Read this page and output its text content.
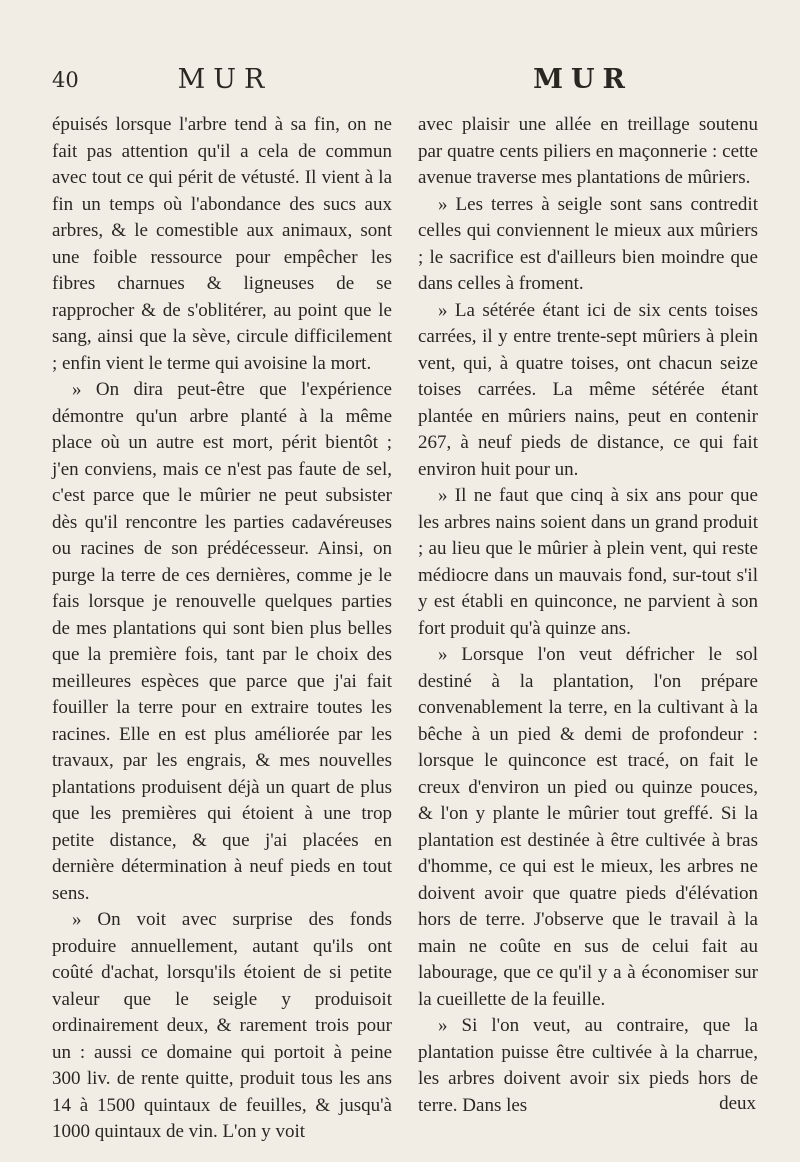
40	MUR	MUR

épuisés lorsque l'arbre tend à sa fin, on ne fait pas attention qu'il a cela de commun avec tout ce qui périt de vétusté. Il vient à la fin un temps où l'abondance des sucs aux arbres, & le comestible aux animaux, sont une foible ressource pour empêcher les fibres charnues & ligneuses de se rapprocher & de s'oblitérer, au point que le sang, ainsi que la sève, circule difficilement ; enfin vient le terme qui avoisine la mort.

» On dira peut-être que l'expérience démontre qu'un arbre planté à la même place où un autre est mort, périt bientôt ; j'en conviens, mais ce n'est pas faute de sel, c'est parce que le mûrier ne peut subsister dès qu'il rencontre les parties cadavéreuses ou racines de son prédécesseur. Ainsi, on purge la terre de ces dernières, comme je le fais lorsque je renouvelle quelques parties de mes plantations qui sont bien plus belles que la première fois, tant par le choix des meilleures espèces que parce que j'ai fait fouiller la terre pour en extraire toutes les racines. Elle en est plus améliorée par les travaux, par les engrais, & mes nouvelles plantations produisent déjà un quart de plus que les premières qui étoient à une trop petite distance, & que j'ai placées en dernière détermination à neuf pieds en tout sens.

» On voit avec surprise des fonds produire annuellement, autant qu'ils ont coûté d'achat, lorsqu'ils étoient de si petite valeur que le seigle y produisoit ordinairement deux, & rarement trois pour un : aussi ce domaine qui portoit à peine 300 liv. de rente quitte, produit tous les ans 14 à 1500 quintaux de feuilles, & jusqu'à 1000 quintaux de vin. L'on y voit

avec plaisir une allée en treillage soutenu par quatre cents piliers en maçonnerie : cette avenue traverse mes plantations de mûriers.

» Les terres à seigle sont sans contredit celles qui conviennent le mieux aux mûriers ; le sacrifice est d'ailleurs bien moindre que dans celles à froment.

» La sétérée étant ici de six cents toises carrées, il y entre trente-sept mûriers à plein vent, qui, à quatre toises, ont chacun seize toises carrées. La même sétérée étant plantée en mûriers nains, peut en contenir 267, à neuf pieds de distance, ce qui fait environ huit pour un.

» Il ne faut que cinq à six ans pour que les arbres nains soient dans un grand produit ; au lieu que le mûrier à plein vent, qui reste médiocre dans un mauvais fond, sur-tout s'il y est établi en quinconce, ne parvient à son fort produit qu'à quinze ans.

» Lorsque l'on veut défricher le sol destiné à la plantation, l'on prépare convenablement la terre, en la cultivant à la bêche à un pied & demi de profondeur : lorsque le quinconce est tracé, on fait le creux d'environ un pied ou quinze pouces, & l'on y plante le mûrier tout greffé. Si la plantation est destinée à être cultivée à bras d'homme, ce qui est le mieux, les arbres ne doivent avoir que quatre pieds d'élévation hors de terre. J'observe que le travail à la main ne coûte en sus de celui fait au labourage, que ce qu'il y a à économiser sur la cueillette de la feuille.

» Si l'on veut, au contraire, que la plantation puisse être cultivée à la charrue, les arbres doivent avoir six pieds hors de terre. Dans les	deux
